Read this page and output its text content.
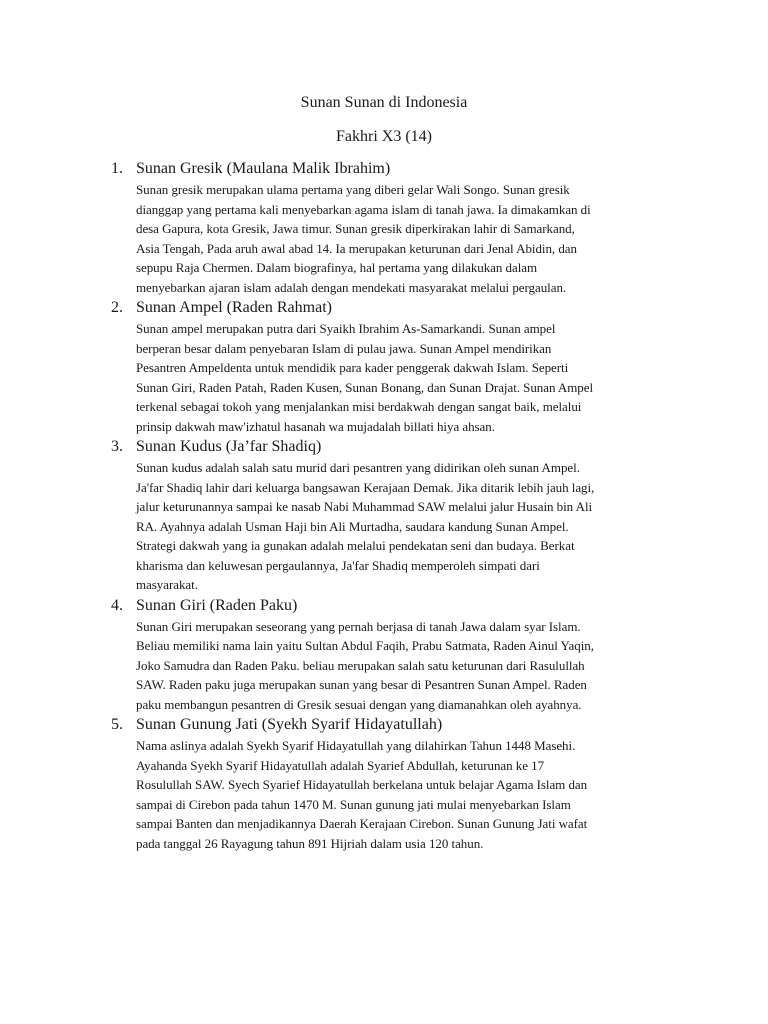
Sunan Sunan di Indonesia
Fakhri X3 (14)
1. Sunan Gresik (Maulana Malik Ibrahim)
Sunan gresik merupakan ulama pertama yang diberi gelar Wali Songo. Sunan gresik
dianggap yang pertama kali menyebarkan agama islam di tanah jawa. Ia dimakamkan di
desa Gapura, kota Gresik, Jawa timur. Sunan gresik diperkirakan lahir di Samarkand,
Asia Tengah, Pada aruh awal abad 14. Ia merupakan keturunan dari Jenal Abidin, dan
sepupu Raja Chermen. Dalam biografinya, hal pertama yang dilakukan dalam
menyebarkan ajaran islam adalah dengan mendekati masyarakat melalui pergaulan.
2. Sunan Ampel (Raden Rahmat)
Sunan ampel merupakan putra dari Syaikh Ibrahim As-Samarkandi. Sunan ampel
berperan besar dalam penyebaran Islam di pulau jawa. Sunan Ampel mendirikan
Pesantren Ampeldenta untuk mendidik para kader penggerak dakwah Islam. Seperti
Sunan Giri, Raden Patah, Raden Kusen, Sunan Bonang, dan Sunan Drajat. Sunan Ampel
terkenal sebagai tokoh yang menjalankan misi berdakwah dengan sangat baik, melalui
prinsip dakwah maw'izhatul hasanah wa mujadalah billati hiya ahsan.
3. Sunan Kudus (Ja’far Shadiq)
Sunan kudus adalah salah satu murid dari pesantren yang didirikan oleh sunan Ampel.
Ja'far Shadiq lahir dari keluarga bangsawan Kerajaan Demak. Jika ditarik lebih jauh lagi,
jalur keturunannya sampai ke nasab Nabi Muhammad SAW melalui jalur Husain bin Ali
RA. Ayahnya adalah Usman Haji bin Ali Murtadha, saudara kandung Sunan Ampel.
Strategi dakwah yang ia gunakan adalah melalui pendekatan seni dan budaya. Berkat
kharisma dan keluwesan pergaulannya, Ja'far Shadiq memperoleh simpati dari
masyarakat.
4. Sunan Giri (Raden Paku)
Sunan Giri merupakan seseorang yang pernah berjasa di tanah Jawa dalam syar Islam.
Beliau memiliki nama lain yaitu Sultan Abdul Faqih, Prabu Satmata, Raden Ainul Yaqin,
Joko Samudra dan Raden Paku. beliau merupakan salah satu keturunan dari Rasulullah
SAW. Raden paku juga merupakan sunan yang besar di Pesantren Sunan Ampel. Raden
paku membangun pesantren di Gresik sesuai dengan yang diamanahkan oleh ayahnya.
5. Sunan Gunung Jati (Syekh Syarif Hidayatullah)
Nama aslinya adalah Syekh Syarif Hidayatullah yang dilahirkan Tahun 1448 Masehi.
Ayahanda Syekh Syarif Hidayatullah adalah Syarief Abdullah, keturunan ke 17
Rosulullah SAW. Syech Syarief Hidayatullah berkelana untuk belajar Agama Islam dan
sampai di Cirebon pada tahun 1470 M. Sunan gunung jati mulai menyebarkan Islam
sampai Banten dan menjadikannya Daerah Kerajaan Cirebon. Sunan Gunung Jati wafat
pada tanggal 26 Rayagung tahun 891 Hijriah dalam usia 120 tahun.
